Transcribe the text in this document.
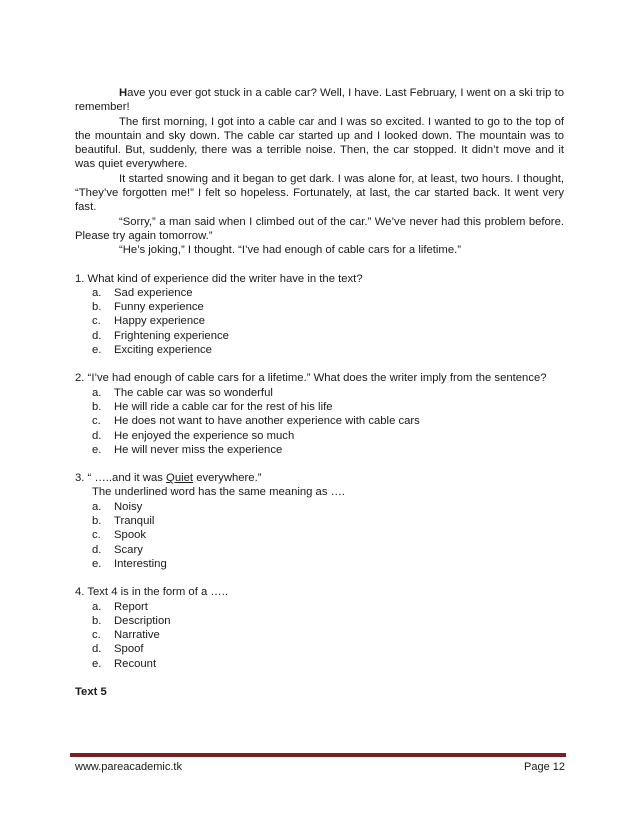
Have you ever got stuck in a cable car? Well, I have. Last February, I went on a ski trip to remember!

The first morning, I got into a cable car and I was so excited. I wanted to go to the top of the mountain and sky down. The cable car started up and I looked down. The mountain was to beautiful. But, suddenly, there was a terrible noise. Then, the car stopped. It didn’t move and it was quiet everywhere.

It started snowing and it began to get dark. I was alone for, at least, two hours. I thought, “They’ve forgotten me!” I felt so hopeless. Fortunately, at last, the car started back. It went very fast.

“Sorry,” a man said when I climbed out of the car.” We’ve never had this problem before. Please try again tomorrow.”

“He’s joking,” I thought. “I’ve had enough of cable cars for a lifetime.”

1. What kind of experience did the writer have in the text?

a.	Sad experience
b.	Funny experience
c.	Happy experience
d.	Frightening experience
e.	Exciting experience

2. “I’ve had enough of cable cars for a lifetime.” What does the writer imply from the sentence?

a.	The cable car was so wonderful
b.	He will ride a cable car for the rest of his life
c.	He does not want to have another experience with cable cars
d.	He enjoyed the experience so much
e.	He will never miss the experience

3. “ …..and it was Quiet everywhere.”

The underlined word has the same meaning as ….

a.	Noisy
b.	Tranquil
c.	Spook
d.	Scary
e.	Interesting

4. Text 4 is in the form of a …..

a.	Report
b.	Description
c.	Narrative
d.	Spoof
e.	Recount

Text 5

www.pareacademic.tk	Page 12
